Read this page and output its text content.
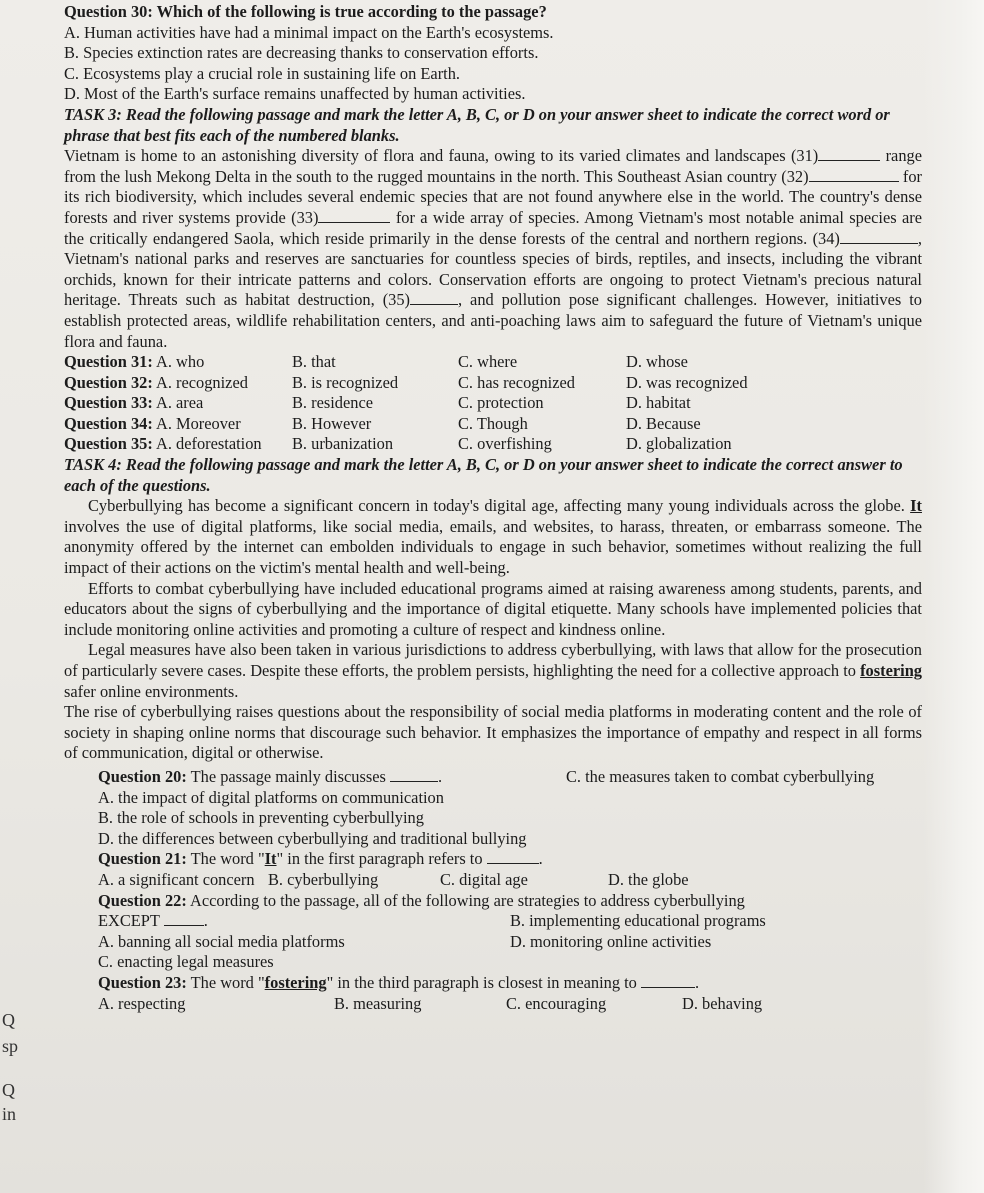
Q
sp
Q
in

Question 30: Which of the following is true according to the passage?

A. Human activities have had a minimal impact on the Earth's ecosystems.

B. Species extinction rates are decreasing thanks to conservation efforts.

C. Ecosystems play a crucial role in sustaining life on Earth.

D. Most of the Earth's surface remains unaffected by human activities.

TASK 3: Read the following passage and mark the letter A, B, C, or D on your answer sheet to indicate the correct word or phrase that best fits each of the numbered blanks.

Vietnam is home to an astonishing diversity of flora and fauna, owing to its varied climates and landscapes (31)	range from the lush Mekong Delta in the south to the rugged mountains in the north. This Southeast Asian country (32)	for its rich biodiversity, which includes several endemic species that are not found anywhere else in the world. The country's dense forests and river systems provide (33)	for a wide array of species. Among Vietnam's most notable animal species are the critically endangered Saola, which reside primarily in the dense forests of the central and northern regions. (34)	, Vietnam's national parks and reserves are sanctuaries for countless species of birds, reptiles, and insects, including the vibrant orchids, known for their intricate patterns and colors. Conservation efforts are ongoing to protect Vietnam's precious natural heritage. Threats such as habitat destruction, (35)	, and pollution pose significant challenges. However, initiatives to establish protected areas, wildlife rehabilitation centers, and anti-poaching laws aim to safeguard the future of Vietnam's unique flora and fauna.

Question 31: A. who	B. that	C. where	D. whose
Question 32: A. recognized	B. is recognized	C. has recognized	D. was recognized
Question 33: A. area	B. residence	C. protection	D. habitat
Question 34: A. Moreover	B. However	C. Though	D. Because
Question 35: A. deforestation	B. urbanization	C. overfishing	D. globalization

TASK 4: Read the following passage and mark the letter A, B, C, or D on your answer sheet to indicate the correct answer to each of the questions.

Cyberbullying has become a significant concern in today's digital age, affecting many young individuals across the globe. It involves the use of digital platforms, like social media, emails, and websites, to harass, threaten, or embarrass someone. The anonymity offered by the internet can embolden individuals to engage in such behavior, sometimes without realizing the full impact of their actions on the victim's mental health and well-being.

Efforts to combat cyberbullying have included educational programs aimed at raising awareness among students, parents, and educators about the signs of cyberbullying and the importance of digital etiquette. Many schools have implemented policies that include monitoring online activities and promoting a culture of respect and kindness online.

Legal measures have also been taken in various jurisdictions to address cyberbullying, with laws that allow for the prosecution of particularly severe cases. Despite these efforts, the problem persists, highlighting the need for a collective approach to fostering safer online environments.

The rise of cyberbullying raises questions about the responsibility of social media platforms in moderating content and the role of society in shaping online norms that discourage such behavior. It emphasizes the importance of empathy and respect in all forms of communication, digital or otherwise.

Question 20: The passage mainly discusses	.
A. the impact of digital platforms on communication
C. the measures taken to combat cyberbullying
B. the role of schools in preventing cyberbullying
D. the differences between cyberbullying and traditional bullying
Question 21: The word "It" in the first paragraph refers to	.
A. a significant concern B. cyberbullying	C. digital age	D. the globe
Question 22: According to the passage, all of the following are strategies to address cyberbullying
EXCEPT	.	B. implementing educational programs
A. banning all social media platforms	D. monitoring online activities
C. enacting legal measures
Question 23: The word "fostering" in the third paragraph is closest in meaning to	.
A. respecting	B. measuring	C. encouraging	D. behaving
